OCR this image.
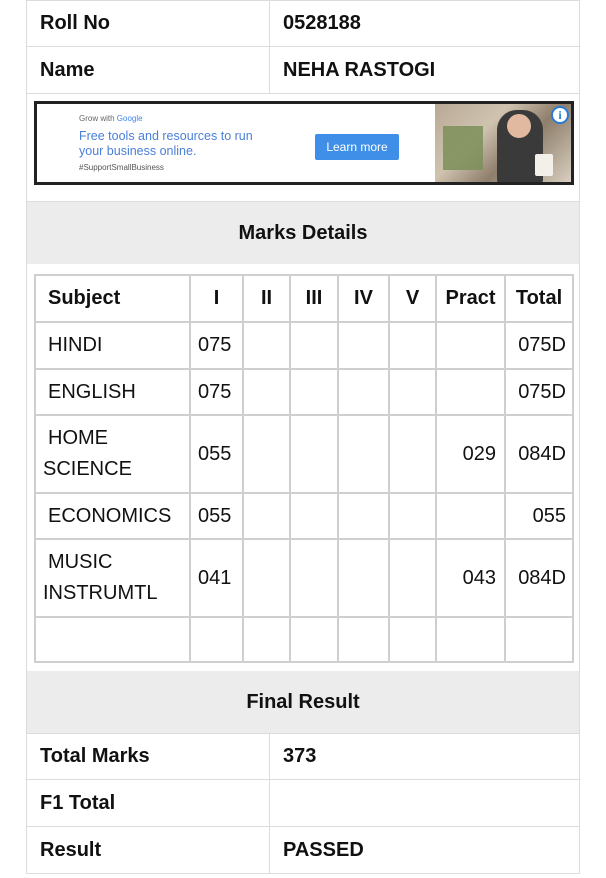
Roll No	0528188
Name	NEHA RASTOGI
Grow with Google
Free tools and resources to run
your business online.
#SupportSmallBusiness
Learn more
i
Marks Details
Subject	I	II	III	IV	V	Pract	Total
HINDI	075						075D
ENGLISH	075						075D

HOME
SCIENCE	055					029	084D
ECONOMICS	055						055

MUSIC
INSTRUMTL	041					043	084D

Final Result
Total Marks	373
F1 Total
Result	PASSED
